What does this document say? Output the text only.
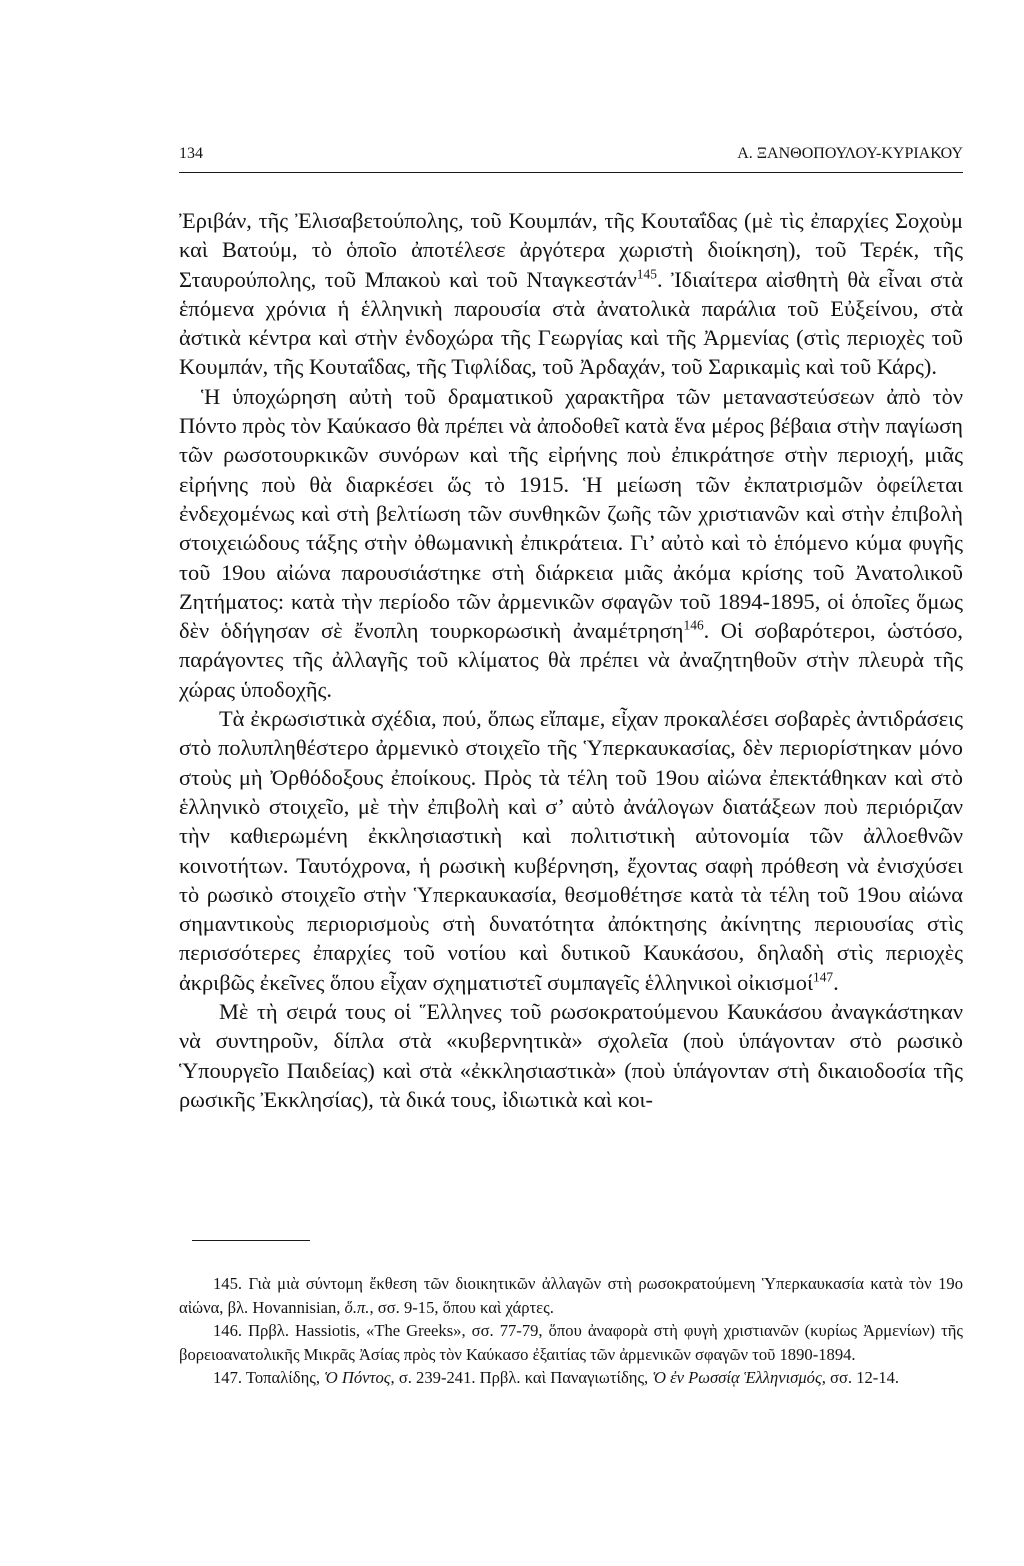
134	Α. ΞΑΝΘΟΠΟΥΛΟΥ-ΚΥΡΙΑΚΟΥ

Ἐριβάν, τῆς Ἐλισαβετούπολης, τοῦ Κουμπάν, τῆς Κουταΐδας (μὲ τὶς ἐπαρχίες Σοχοὺμ καὶ Βατούμ, τὸ ὁποῖο ἀποτέλεσε ἀργότερα χωριστὴ διοίκηση), τοῦ Τερέκ, τῆς Σταυρούπολης, τοῦ Μπακοὺ καὶ τοῦ Νταγκεστάν$^{145}$. Ἰδιαίτερα αἰσθητὴ θὰ εἶναι στὰ ἑπόμενα χρόνια ἡ ἑλληνικὴ παρουσία στὰ ἀνατολικὰ παράλια τοῦ Εὐξείνου, στὰ ἀστικὰ κέντρα καὶ στὴν ἐνδοχώρα τῆς Γεωργίας καὶ τῆς Ἀρμενίας (στὶς περιοχὲς τοῦ Κουμπάν, τῆς Κουταΐδας, τῆς Τιφλίδας, τοῦ Ἀρδαχάν, τοῦ Σαρικαμὶς καὶ τοῦ Κάρς).

Ἡ ὑποχώρηση αὐτὴ τοῦ δραματικοῦ χαρακτῆρα τῶν μεταναστεύσεων ἀπὸ τὸν Πόντο πρὸς τὸν Καύκασο θὰ πρέπει νὰ ἀποδοθεῖ κατὰ ἕνα μέρος βέβαια στὴν παγίωση τῶν ρωσοτουρκικῶν συνόρων καὶ τῆς εἰρήνης ποὺ ἐπικράτησε στὴν περιοχή, μιᾶς εἰρήνης ποὺ θὰ διαρκέσει ὥς τὸ 1915. Ἡ μείωση τῶν ἐκπατρισμῶν ὀφείλεται ἐνδεχομένως καὶ στὴ βελτίωση τῶν συνθηκῶν ζωῆς τῶν χριστιανῶν καὶ στὴν ἐπιβολὴ στοιχειώδους τάξης στὴν ὀθωμανικὴ ἐπικράτεια. Γι’ αὐτὸ καὶ τὸ ἑπόμενο κύμα φυγῆς τοῦ 19ου αἰώνα παρουσιάστηκε στὴ διάρκεια μιᾶς ἀκόμα κρίσης τοῦ Ἀνατολικοῦ Ζητήματος: κατὰ τὴν περίοδο τῶν ἀρμενικῶν σφαγῶν τοῦ 1894-1895, οἱ ὁποῖες ὅμως δὲν ὁδήγησαν σὲ ἔνοπλη τουρκορωσικὴ ἀναμέτρηση$^{146}$. Οἱ σοβαρότεροι, ὡστόσο, παράγοντες τῆς ἀλλαγῆς τοῦ κλίματος θὰ πρέπει νὰ ἀναζητηθοῦν στὴν πλευρὰ τῆς χώρας ὑποδοχῆς.

Τὰ ἐκρωσιστικὰ σχέδια, πού, ὅπως εἴπαμε, εἶχαν προκαλέσει σοβαρὲς ἀντιδράσεις στὸ πολυπληθέστερο ἀρμενικὸ στοιχεῖο τῆς Ὑπερκαυκασίας, δὲν περιορίστηκαν μόνο στοὺς μὴ Ὀρθόδοξους ἐποίκους. Πρὸς τὰ τέλη τοῦ 19ου αἰώνα ἐπεκτάθηκαν καὶ στὸ ἑλληνικὸ στοιχεῖο, μὲ τὴν ἐπιβολὴ καὶ σ’ αὐτὸ ἀνάλογων διατάξεων ποὺ περιόριζαν τὴν καθιερωμένη ἐκκλησιαστικὴ καὶ πολιτιστικὴ αὐτονομία τῶν ἀλλοεθνῶν κοινοτήτων. Ταυτόχρονα, ἡ ρωσικὴ κυβέρνηση, ἔχοντας σαφὴ πρόθεση νὰ ἐνισχύσει τὸ ρωσικὸ στοιχεῖο στὴν Ὑπερκαυκασία, θεσμοθέτησε κατὰ τὰ τέλη τοῦ 19ου αἰώνα σημαντικοὺς περιορισμοὺς στὴ δυνατότητα ἀπόκτησης ἀκίνητης περιουσίας στὶς περισσότερες ἐπαρχίες τοῦ νοτίου καὶ δυτικοῦ Καυκάσου, δηλαδὴ στὶς περιοχὲς ἀκριβῶς ἐκεῖνες ὅπου εἶχαν σχηματιστεῖ συμπαγεῖς ἑλληνικοὶ οἰκισμοί$^{147}$.

Μὲ τὴ σειρά τους οἱ Ἕλληνες τοῦ ρωσοκρατούμενου Καυκάσου ἀναγκάστηκαν νὰ συντηροῦν, δίπλα στὰ «κυβερνητικὰ» σχολεῖα (ποὺ ὑπάγονταν στὸ ρωσικὸ Ὑπουργεῖο Παιδείας) καὶ στὰ «ἐκκλησιαστικὰ» (ποὺ ὑπάγονταν στὴ δικαιοδοσία τῆς ρωσικῆς Ἐκκλησίας), τὰ δικά τους, ἰδιωτικὰ καὶ κοι-

145. Γιὰ μιὰ σύντομη ἔκθεση τῶν διοικητικῶν ἀλλαγῶν στὴ ρωσοκρατούμενη Ὑπερκαυκασία κατὰ τὸν 19ο αἰώνα, βλ. Hovannisian, ὅ.π., σσ. 9-15, ὅπου καὶ χάρτες.

146. Πρβλ. Hassiotis, «The Greeks», σσ. 77-79, ὅπου ἀναφορὰ στὴ φυγὴ χριστιανῶν (κυρίως Ἀρμενίων) τῆς βορειοανατολικῆς Μικρᾶς Ἀσίας πρὸς τὸν Καύκασο ἐξαιτίας τῶν ἀρμενικῶν σφαγῶν τοῦ 1890-1894.

147. Τοπαλίδης, Ὁ Πόντος, σ. 239-241. Πρβλ. καὶ Παναγιωτίδης, Ὁ ἐν Ρωσσίᾳ Ἑλληνισμός, σσ. 12-14.
